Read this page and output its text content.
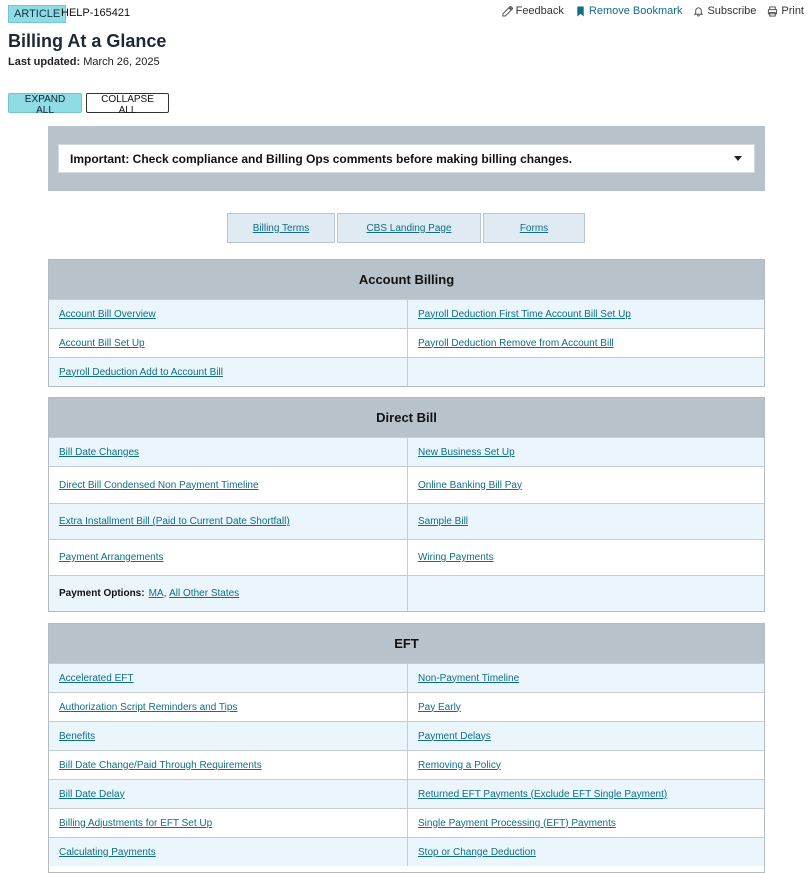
ARTICLE HELP-165421	Feedback Remove Bookmark Subscribe Print
Billing At a Glance
Last updated: March 26, 2025
EXPAND ALL
COLLAPSE ALL
Important: Check compliance and Billing Ops comments before making billing changes.
Billing Terms	CBS Landing Page	Forms
Account Billing
Account Bill Overview	Payroll Deduction First Time Account Bill Set Up
Account Bill Set Up	Payroll Deduction Remove from Account Bill
Payroll Deduction Add to Account Bill
Direct Bill
Bill Date Changes	New Business Set Up
Direct Bill Condensed Non Payment Timeline	Online Banking Bill Pay
Extra Installment Bill (Paid to Current Date Shortfall)	Sample Bill
Payment Arrangements	Wiring Payments
Payment Options: MA , All Other States
EFT
Accelerated EFT	Non-Payment Timeline
Authorization Script Reminders and Tips	Pay Early
Benefits	Payment Delays
Bill Date Change/Paid Through Requirements	Removing a Policy
Bill Date Delay	Returned EFT Payments (Exclude EFT Single Payment)
Billing Adjustments for EFT Set Up	Single Payment Processing (EFT) Payments
Calculating Payments	Stop or Change Deduction
